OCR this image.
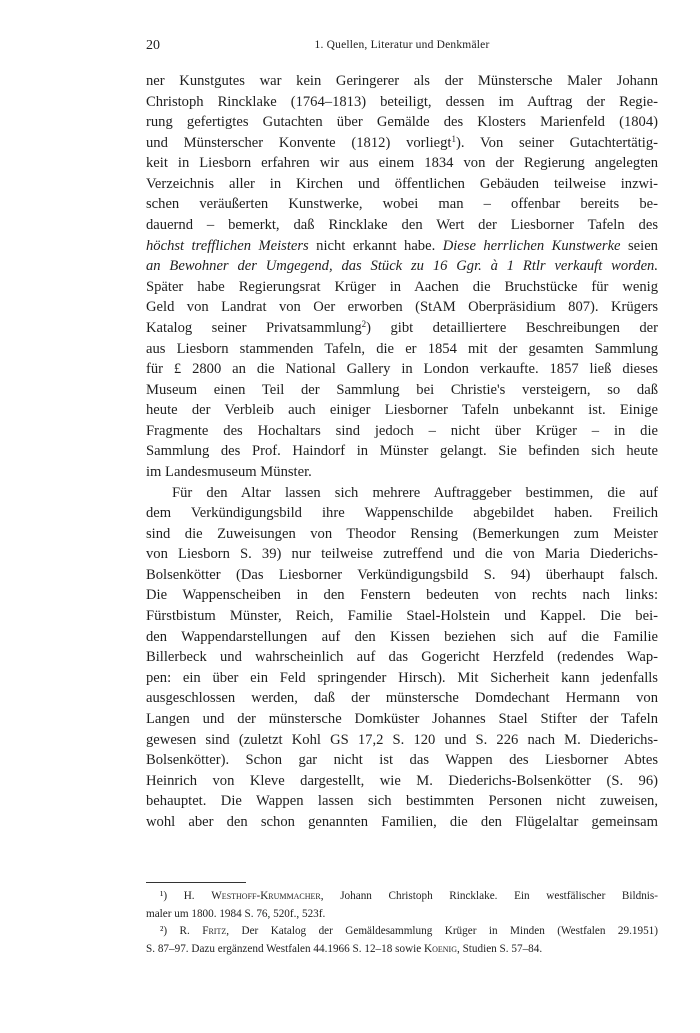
20	1. Quellen, Literatur und Denkmäler
ner Kunstgutes war kein Geringerer als der Münstersche Maler Johann
Christoph Rincklake (1764–1813) beteiligt, dessen im Auftrag der Regie-
rung gefertigtes Gutachten über Gemälde des Klosters Marienfeld (1804)
und Münsterscher Konvente (1812) vorliegt$^1$). Von seiner Gutachtertätig-
keit in Liesborn erfahren wir aus einem 1834 von der Regierung angelegten
Verzeichnis aller in Kirchen und öffentlichen Gebäuden teilweise inzwi-
schen veräußerten Kunstwerke, wobei man – offenbar bereits be-
dauernd – bemerkt, daß Rincklake den Wert der Liesborner Tafeln des
höchst trefflichen Meisters nicht erkannt habe. Diese herrlichen Kunstwerke seien
an Bewohner der Umgegend, das Stück zu 16 Ggr. à 1 Rtlr verkauft worden.
Später habe Regierungsrat Krüger in Aachen die Bruchstücke für wenig
Geld von Landrat von Oer erworben (StAM Oberpräsidium 807). Krügers
Katalog seiner Privatsammlung$^2$) gibt detailliertere Beschreibungen der
aus Liesborn stammenden Tafeln, die er 1854 mit der gesamten Sammlung
für £ 2800 an die National Gallery in London verkaufte. 1857 ließ dieses
Museum einen Teil der Sammlung bei Christie's versteigern, so daß
heute der Verbleib auch einiger Liesborner Tafeln unbekannt ist. Einige
Fragmente des Hochaltars sind jedoch – nicht über Krüger – in die
Sammlung des Prof. Haindorf in Münster gelangt. Sie befinden sich heute
im Landesmuseum Münster.
Für den Altar lassen sich mehrere Auftraggeber bestimmen, die auf
dem Verkündigungsbild ihre Wappenschilde abgebildet haben. Freilich
sind die Zuweisungen von Theodor Rensing (Bemerkungen zum Meister
von Liesborn S. 39) nur teilweise zutreffend und die von Maria Diederichs-
Bolsenkötter (Das Liesborner Verkündigungsbild S. 94) überhaupt falsch.
Die Wappenscheiben in den Fenstern bedeuten von rechts nach links:
Fürstbistum Münster, Reich, Familie Stael-Holstein und Kappel. Die bei-
den Wappendarstellungen auf den Kissen beziehen sich auf die Familie
Billerbeck und wahrscheinlich auf das Gogericht Herzfeld (redendes Wap-
pen: ein über ein Feld springender Hirsch). Mit Sicherheit kann jedenfalls
ausgeschlossen werden, daß der münstersche Domdechant Hermann von
Langen und der münstersche Domküster Johannes Stael Stifter der Tafeln
gewesen sind (zuletzt Kohl GS 17,2 S. 120 und S. 226 nach M. Diederichs-
Bolsenkötter). Schon gar nicht ist das Wappen des Liesborner Abtes
Heinrich von Kleve dargestellt, wie M. Diederichs-Bolsenkötter (S. 96)
behauptet. Die Wappen lassen sich bestimmten Personen nicht zuweisen,
wohl aber den schon genannten Familien, die den Flügelaltar gemeinsam
¹) H. Westhoff-Krummacher, Johann Christoph Rincklake. Ein westfälischer Bildnis-
maler um 1800. 1984 S. 76, 520f., 523f.
²) R. Fritz, Der Katalog der Gemäldesammlung Krüger in Minden (Westfalen 29.1951)
S. 87–97. Dazu ergänzend Westfalen 44.1966 S. 12–18 sowie Koenig, Studien S. 57–84.
